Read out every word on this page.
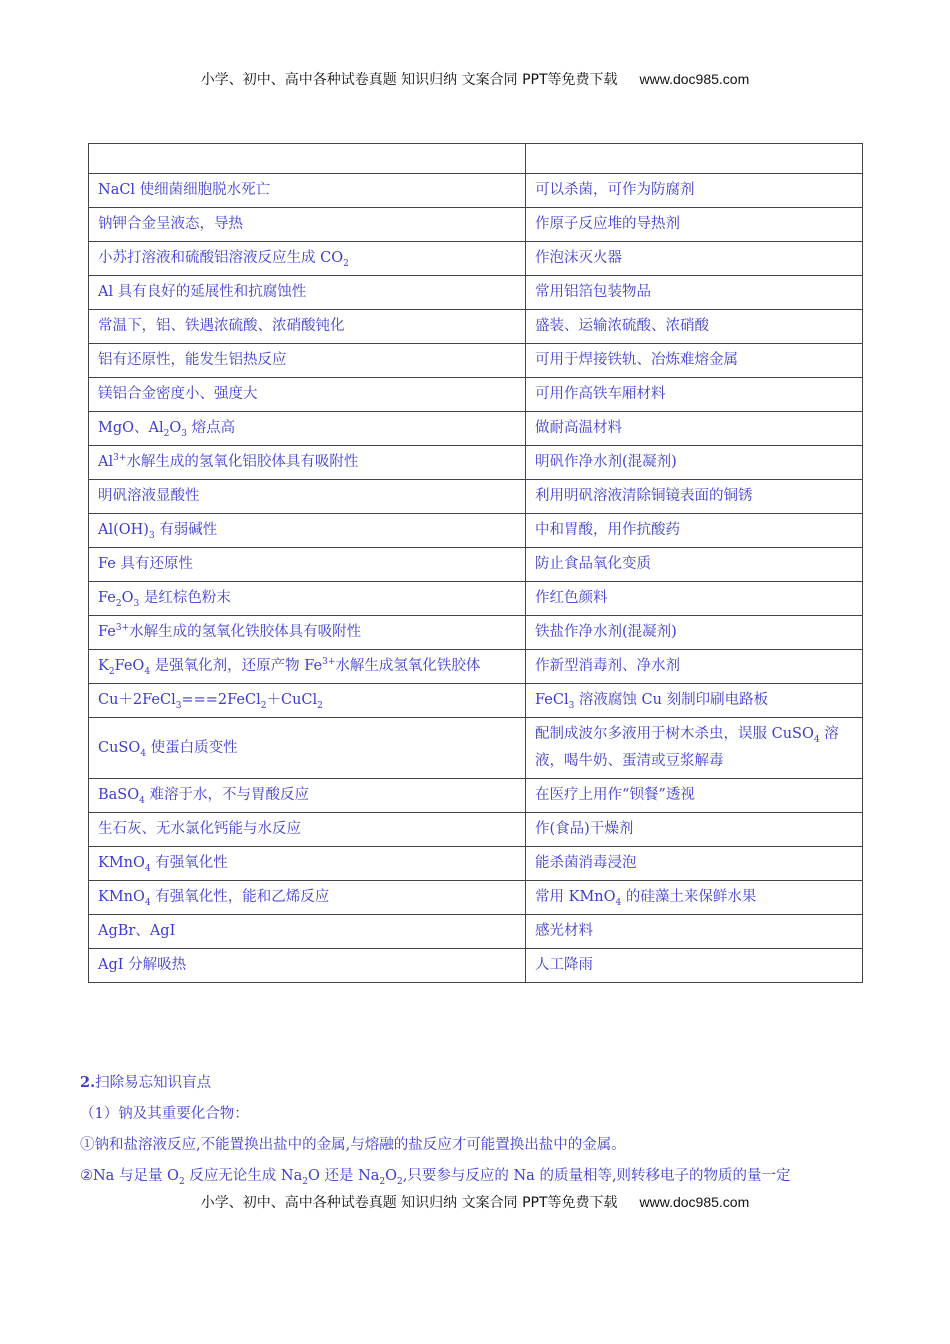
小学、初中、高中各种试卷真题 知识归纳 文案合同 PPT等免费下载 www.doc985.com

NaCl 使细菌细胞脱水死亡	可以杀菌，可作为防腐剂
钠钾合金呈液态，导热	作原子反应堆的导热剂
小苏打溶液和硫酸铝溶液反应生成 $CO_2$	作泡沫灭火器
Al 具有良好的延展性和抗腐蚀性	常用铝箔包装物品
常温下，铝、铁遇浓硫酸、浓硝酸钝化	盛装、运输浓硫酸、浓硝酸
铝有还原性，能发生铝热反应	可用于焊接铁轨、冶炼难熔金属
镁铝合金密度小、强度大	可用作高铁车厢材料
MgO、$Al_2O_3$ 熔点高	做耐高温材料
$Al^{3+}$水解生成的氢氧化铝胶体具有吸附性	明矾作净水剂(混凝剂)
明矾溶液显酸性	利用明矾溶液清除铜镜表面的铜锈
$Al(OH)_3$ 有弱碱性	中和胃酸，用作抗酸药
Fe 具有还原性	防止食品氧化变质
$Fe_2O_3$ 是红棕色粉末	作红色颜料
$Fe^{3+}$水解生成的氢氧化铁胶体具有吸附性	铁盐作净水剂(混凝剂)
$K_2FeO_4$ 是强氧化剂，还原产物 $Fe^{3+}$水解生成氢氧化铁胶体	作新型消毒剂、净水剂
Cu＋2FeCl$_3$===2FeCl$_2$＋CuCl$_2$	FeCl$_3$ 溶液腐蚀 Cu 刻制印刷电路板
CuSO$_4$ 使蛋白质变性	配制成波尔多液用于树木杀虫，误服 CuSO$_4$ 溶液，喝牛奶、蛋清或豆浆解毒
BaSO$_4$ 难溶于水，不与胃酸反应	在医疗上用作“钡餐”透视
生石灰、无水氯化钙能与水反应	作(食品)干燥剂
KMnO$_4$ 有强氧化性	能杀菌消毒浸泡
KMnO$_4$ 有强氧化性，能和乙烯反应	常用 KMnO$_4$ 的硅藻土来保鲜水果
AgBr、AgI	感光材料
AgI 分解吸热	人工降雨
2.扫除易忘知识盲点
（1）钠及其重要化合物：
①钠和盐溶液反应,不能置换出盐中的金属,与熔融的盐反应才可能置换出盐中的金属。
②Na 与足量 $O_2$ 反应无论生成 $Na_2O$ 还是 $Na_2O_2$,只要参与反应的 Na 的质量相等,则转移电子的物质的量一定
小学、初中、高中各种试卷真题 知识归纳 文案合同 PPT等免费下载 www.doc985.com
